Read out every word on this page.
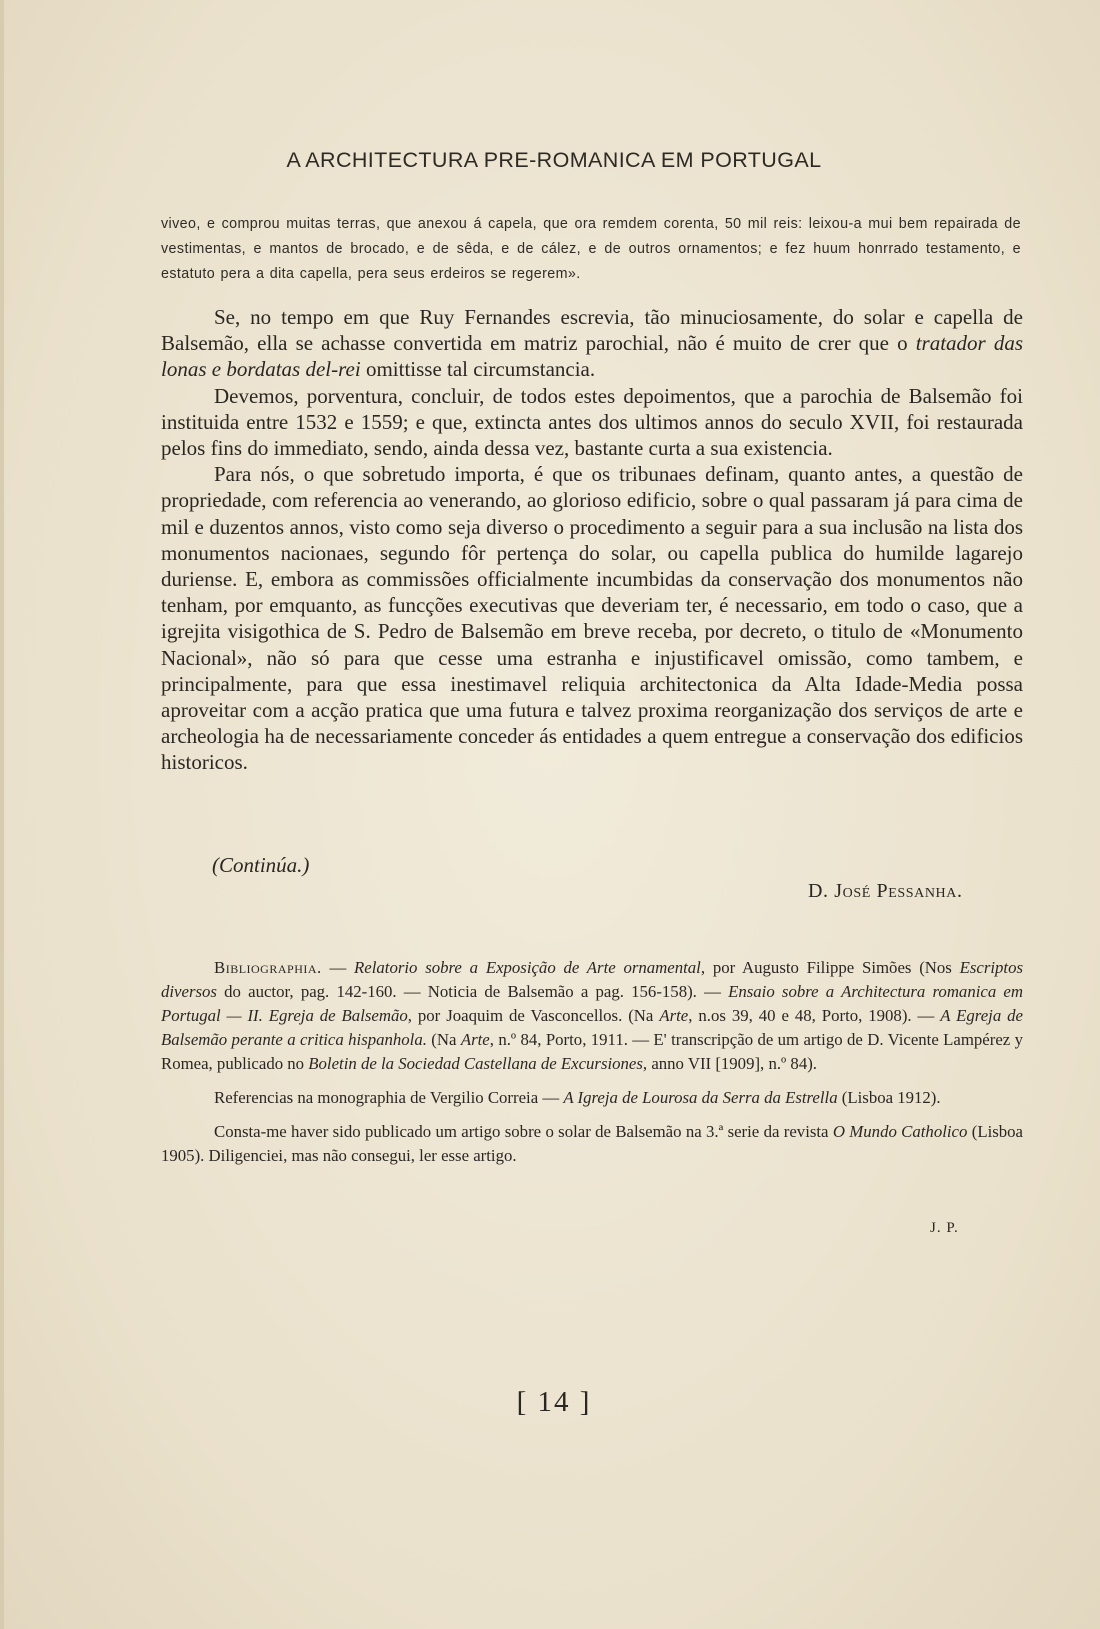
A ARCHITECTURA PRE-ROMANICA EM PORTUGAL
viveo, e comprou muitas terras, que anexou á capela, que ora remdem corenta, 50 mil reis: leixou-a mui bem repairada de vestimentas, e mantos de brocado, e de sêda, e de cález, e de outros ornamentos; e fez huum honrrado testamento, e estatuto pera a dita capella, pera seus erdeiros se regerem».

Se, no tempo em que Ruy Fernandes escrevia, tão minuciosamente, do solar e capella de Balsemão, ella se achasse convertida em matriz parochial, não é muito de crer que o tratador das lonas e bordatas del-rei omittisse tal circumstancia.

Devemos, porventura, concluir, de todos estes depoimentos, que a parochia de Balsemão foi instituida entre 1532 e 1559; e que, extincta antes dos ultimos annos do seculo XVII, foi restaurada pelos fins do immediato, sendo, ainda dessa vez, bastante curta a sua existencia.

Para nós, o que sobretudo importa, é que os tribunaes definam, quanto antes, a questão de propriedade, com referencia ao venerando, ao glorioso edificio, sobre o qual passaram já para cima de mil e duzentos annos, visto como seja diverso o procedimento a seguir para a sua inclusão na lista dos monumentos nacionaes, segundo fôr pertença do solar, ou capella publica do humilde lagarejo duriense. E, embora as commissões officialmente incumbidas da conservação dos monumentos não tenham, por emquanto, as funcções executivas que deveriam ter, é necessario, em todo o caso, que a igrejita visigothica de S. Pedro de Balsemão em breve receba, por decreto, o titulo de «Monumento Nacional», não só para que cesse uma estranha e injustificavel omissão, como tambem, e principalmente, para que essa inestimavel reliquia architectonica da Alta Idade-Media possa aproveitar com a acção pratica que uma futura e talvez proxima reorganização dos serviços de arte e archeologia ha de necessariamente conceder ás entidades a quem entregue a conservação dos edificios historicos.

(Continúa.)
D. José Pessanha.

Bibliographia. — Relatorio sobre a Exposição de Arte ornamental, por Augusto Filippe Simões (Nos Escriptos diversos do auctor, pag. 142-160. — Noticia de Balsemão a pag. 156-158). — Ensaio sobre a Architectura romanica em Portugal — II. Egreja de Balsemão, por Joaquim de Vasconcellos. (Na Arte, n.os 39, 40 e 48, Porto, 1908). — A Egreja de Balsemão perante a critica hispanhola. (Na Arte, n.º 84, Porto, 1911. — E' transcripção de um artigo de D. Vicente Lampérez y Romea, publicado no Boletin de la Sociedad Castellana de Excursiones, anno VII [1909], n.º 84).

Referencias na monographia de Vergilio Correia — A Igreja de Lourosa da Serra da Estrella (Lisboa 1912).

Consta-me haver sido publicado um artigo sobre o solar de Balsemão na 3.ª serie da revista O Mundo Catholico (Lisboa 1905). Diligenciei, mas não consegui, ler esse artigo.

J. P.
[ 14 ]
